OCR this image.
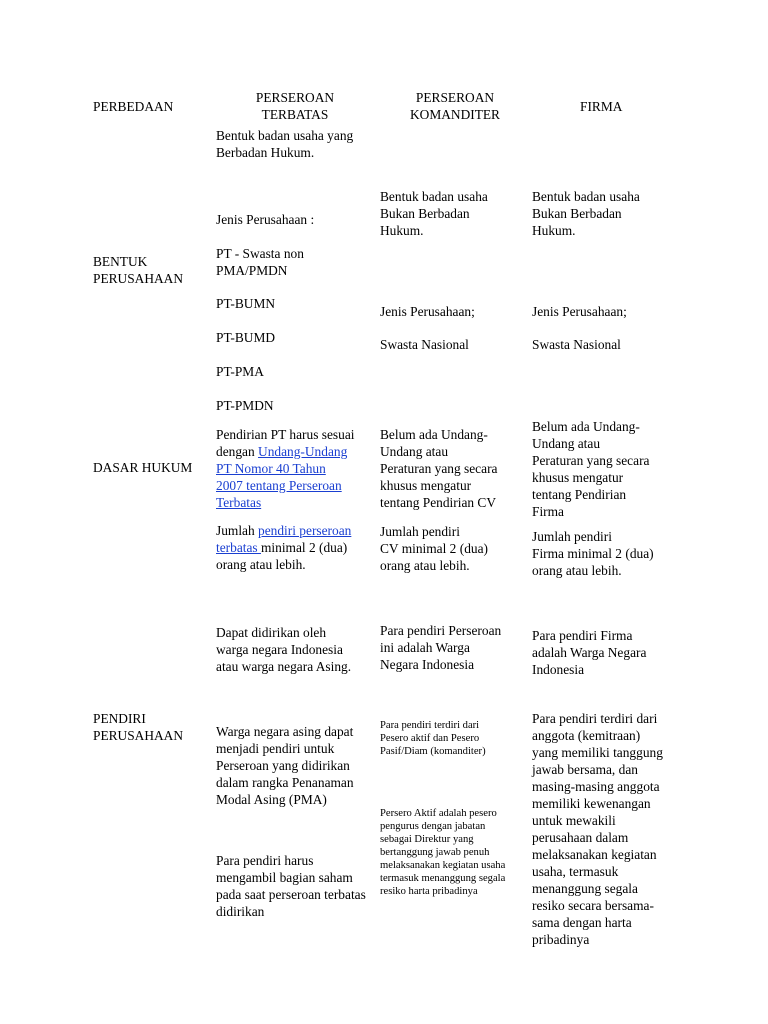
PERBEDAAN
PERSEROAN
TERBATAS
PERSEROAN
KOMANDITER
FIRMA
BENTUK
PERUSAHAAN
DASAR HUKUM
PENDIRI
PERUSAHAAN
Bentuk badan usaha yang
Berbadan Hukum.
Jenis Perusahaan :
PT - Swasta non
PMA/PMDN
PT-BUMN
PT-BUMD
PT-PMA
PT-PMDN
Pendirian PT harus sesuai
dengan Undang-Undang
PT Nomor 40 Tahun
2007 tentang Perseroan
Terbatas
Jumlah pendiri perseroan
terbatas minimal 2 (dua)
orang atau lebih.
Dapat didirikan oleh
warga negara Indonesia
atau warga negara Asing.
Warga negara asing dapat
menjadi pendiri untuk
Perseroan yang didirikan
dalam rangka Penanaman
Modal Asing (PMA)
Para pendiri harus
mengambil bagian saham
pada saat perseroan terbatas
didirikan
Bentuk badan usaha
Bukan Berbadan
Hukum.
Jenis Perusahaan;
Swasta Nasional
Belum ada Undang-
Undang atau
Peraturan yang secara
khusus mengatur
tentang Pendirian CV
Jumlah pendiri
CV minimal 2 (dua)
orang atau lebih.
Para pendiri Perseroan
ini adalah Warga
Negara Indonesia
Para pendiri terdiri dari
Pesero aktif dan Pesero
Pasif/Diam (komanditer)
Persero Aktif adalah pesero
pengurus dengan jabatan
sebagai Direktur yang
bertanggung jawab penuh
melaksanakan kegiatan usaha
termasuk menanggung segala
resiko harta pribadinya
Bentuk badan usaha
Bukan Berbadan
Hukum.
Jenis Perusahaan;
Swasta Nasional
Belum ada Undang-
Undang atau
Peraturan yang secara
khusus mengatur
tentang Pendirian
Firma
Jumlah pendiri
Firma minimal 2 (dua)
orang atau lebih.
Para pendiri Firma
adalah Warga Negara
Indonesia
Para pendiri terdiri dari
anggota (kemitraan)
yang memiliki tanggung
jawab bersama, dan
masing-masing anggota
memiliki kewenangan
untuk mewakili
perusahaan dalam
melaksanakan kegiatan
usaha, termasuk
menanggung segala
resiko secara bersama-
sama dengan harta
pribadinya
